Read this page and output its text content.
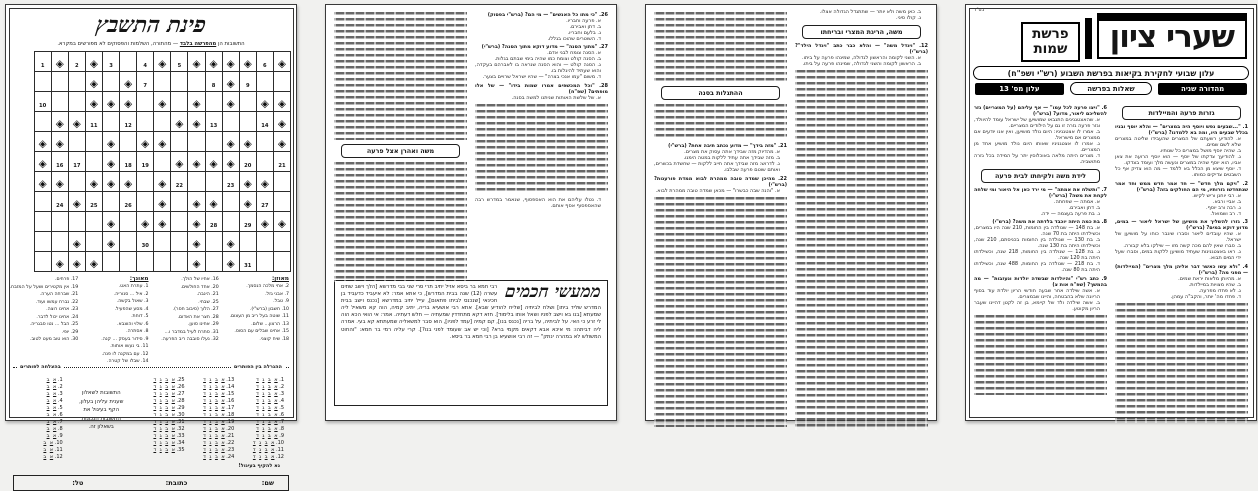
פינת התשבץ
התשובות הן מהפרשה בלבד — מהתורה, השלמות והפסוקים לא מפורשים במקרא.
◈	6	◈	◈	◈	◈	5	◈	4		3	◈	2	◈	1
		9	◈	8				7	◈		◈			
◈	◈		◈		◈		◈		◈	◈	◈			10
◈	14			13	◈	◈			12		11	◈	◈	
◈		◈	◈				◈	◈		◈			◈	◈
21		20	◈	◈	◈	◈		19	18	◈		17	16	◈
	◈	◈	23			22	◈		◈	◈	◈		◈	◈
	27	◈		◈	◈		◈		26		25	◈	24	
◈	◈	29		28	◈		◈	◈		◈				
			◈		◈			30		◈		◈		
		31	◈		◈						◈	◈	◈	
מאוזן:
2. אחי מלכה הנסמך.
7. אבני גזל.
9. טבל.
10. חשבון (ברש"י).
11. שוטה בעל ריב מן העצום.
13. הרצון... שלום.
15. אחינו שבלים עם הסוס.
18. שיח קוצני.
16. אחיו של הולך.
20. אחד החולשים.
21. הינבה.
25. שבחי.
27. הלוך (סיבוב חסר).
28. חצר את האדום.
29. אחינו סוען.
31. סתרת לעיל במדבר ו...
32. נעלו סובבה ריב הפרעה.
מאונך:
1. עתרת האט.
2. איל ... סנוריה.
3. שאול בקשה.
4. מסע שהפעיל.
5. דוחת.
6. שלוי והוצבא.
8. אסתרה.
9. סידור בעסק ... קנה.
11. בי נעשו אותות.
12. עם במקנה לו פנה.
14. שבלו של קטרה.
17. פרחים.
19. אין מקטירים ושעל על המזבח.
21. שברחה הערה.
22. נברח עמשו ועוד.
23. אחינו רוצה.
24. אחינו יכול לדבר.
25. הבל ... נטו סבגריה.
29. יופי.
30. הוא טוב מעט לטוב.
ההגרלה בין הפותרים
בהצלחה לפותרים
1. אבגד
2. אבגד
3. אבגד
4. אבגד
5. אבגד
6. אבגד
7. אבגד
8. אבגד
9. אבגד
10. אבגד
11. אבגד
12. אבגד
13. אבגד
14. אבגד
15. אבגד
16. אבגד
17. אבגד
18. אבגד
19. אבגד
20. אבגד
21. אבגד
22. אבגד
23. אבגד
24. אבגד
25. אבגד
26. אבגד
27. אבגד
28. אבגד
29. אבגד
30. אבגד
31. אבגד
32. אבגד
33. אבגד
34. אבגד
35. אבגד
התשובות לשאלון
שענית עליהן בעלון,
הקף בעיגול את
התשובות הנכונות
בשאלון זה.
1. אב
2. אב
3. אב
4. אב
5. אב
6. אב
7. אב
8. אב
9. אב
10. אב
11. אב
12. אב
נא להקיף בעיגול!
שם:
כתובת:
טל:
26. "כי מתו כל האנשים" — מי הם? (ברש"י בפסוק)
א. פרעה וחבריו.
ב. דתן ואבירם.
ג. בלעם וחבריו.
ד. השוטרים שהוכו בגללו.
27. "מתוך הסנה" — מדוע דוקא מתוך הסנה? (ברש"י)
א. הסנה צומח לבני אדם.
ב. הסנה קולט וצומח כמו שהיה בימי שבתם בגלות.
ג. הסנה קולט — והוא הסנה שנראה בו לאברהם בעקדה, והוא שעתיד להיגלות בו.
ד. משום "עמו אנכי בצרה" — שהיו ישראל שרויים בצער.
28. "וכל המכשפים אמרו שמות בידו" — של אלו מופתים? (שפ"ח)
א. של שלשת האותות שניתנו למשה בסנה.
ד. נטלו עליהם את הוא האספסוף, שנאמר במדרש רבה שהאספסוף אסף אותם.
משה ואהרן אצל פרעה
ממעשי חכמים
רבי חמא בר ביסא אזיל יתיב תרי סרי שני בבי מדרשא [הלך וישב שתים עשרה (12) שנה בבית המדרש], כי אתא אמר: לא איעביד כדעביד בן חכינאי [שנכנס לביתו פתאום], עייל יתיב במדרשא [נכנס וישב בבית המדרש שליד ביתו] ושלח לביתיה [שליח להודיע שבא]. אתא רבי אושעיא בריה, יתיב קמיה, הוה קא משאיל ליה שמעתא [בנו בא וישב לפניו ושאל אותו בלימוד]. חזא דקא מתחדדין שמעתיה — חלש דעתיה. אמר: אי הואי הכא הוה לי זרע כי האי. על לביתיה, על בריה [נכנס בנו], קם קמיה [עמד לפניו], הוא סבר למשאליה שמעתתא קא בעי. אמרה ליה דביתהו: מי איכא אבא דקאים מקמי ברא? [וכי יש אב שעומד לפני בנו?]. קרי עליה רמי בר חמא: "והחוט המשולש לא במהרה ינתק" — זה רבי אושעיא בן רבי חמא בר ביסא.
ב. כאן משה ולא יותר — שתתגדל הגדולה אצלו.
ג. קולו סיני.
משה, הריגת המצרי ובריחתו
12. "ויגדל משה" — והלא כבר כתב "ויגדל הילד"? (ברש"י)
א. השני לקומה והראשון לגדולה, שמינהו פרעה על ביתו.
ב. הראשון לקומה והשני לגדולה, שמינהו פרעה על ביתו.
ההתגלות בסנה
21. "מזה בידך" — מדוע נכתב תיבה אחת? (ברש"י)
א. מהדיוק מזה שבידך אתה עסוק את מצרים.
ב. מזה שבידך אתה עתיד ללקות במטה הימנו.
ג. לדרוש: מזה שבידך אתה חייב ללקות — שחשדת בכשרים, ואותם שוטם פרעה שבלבו.
22. מהיכן שמדה טובה ממהרת לבוא ממדת פורענות? (ברש"י)
א. "והנה שבה כבשרו" — מכאן שמדה טובה ממהרת לבוא.
בס"ד
שערי ציון
פרשת
שמות
עלון שבועי לחקירת בקיאות בפרשת השבוע (רש"י ושפ"ח)
מהדורה שניה
שאלות בפרשה
עלון מס' 13
גזרות פרעה והמיילדות
1. "...שבעים נפש ויוסף היה במצרים" — והלא יוסף ובניו בכלל שבעים היו, ומה בא ללמדנו? (ברש"י)
א. להודיע רשעתם של המצרים שהעבידו שליטה במצרים שלא לשם שמים.
ב. שהיה יוסף מושל במצרים כל שנותיו.
ג. להודיעך צדקתו של יוסף — הוא יוסף הרועה את צאן אביו, הוא יוסף שהיה במצרים ונעשה מלך ועומד בצדקו.
ד. יוסף שיצא מן הכלל בא ללמד — מה הוא צדיק אף כל השבטים צדיקים כמותו.
2. "ויקם מלך חדש" — חד אמר חדש ממש וחד אמר שנתחדשו גזרותיו, מי הם החולקים בזה? (ברש"י)
א. רבי יוחנן וריש לקיש.
ב. אביי ורבא.
ג. רבה ורב יוסף.
ד. רב ושמואל.
3. גזרו להשליך את מושיען של ישראל ליאור — במים, מדוע דוקא במים? (ברש"י)
א. שהיו עובדים ליאור וסברו שיגבר כוחו על מושיען של ישראל.
ב. סברו שאין להם מכה קשה מזו — שילקו בלא קבורה.
ג. ראו באצטגנינות שעתיד מושיען ללקות במים, וסברו שעל ידי המים תבוא.
4. "ולא עשו כאשר דבר אליהן מלך מצרים" (המיילדות) — מפני מה? (ברש"י)
א. מהיותן מלאות יראת שמים.
ב. שהיו מצויות במיילדות.
ג. לא פחדו מפרעה.
ד. פחדו מה' יותר, והקב"ה עמהן.
6. "ויצו פרעה לכל עמו" — אף עליהם (על המצריים) גזר להשליכם ליאור, מדוע? (ברש"י)
א. שהאצטגנינים התנבאו שמושיען של ישראל עומד להיוולד, וגזר פרעה גזרה זו גם על הילודים המצריים.
ב. אמרו לו אצטגניניו: היום נולד מושיען, ואין אנו יודעים אם ממצרים אם מישראל.
ג. אמרו לו אצטגניניו שאותו היום נולד מושיע אחד מן המצריים.
ד. מצרים היתה מלאה באוכלוסין יתר על המידה בכל גזרה מתושביה.
לידת משה ולקיחתו לבית פרעה
7. "ותשלח את אמתה" — מי ירד כאן אל היאור ומי שלחה לקחת את משה? (ברש"י)
א. אמתה — שפחתה.
ב. דתן ואבירם.
ג. בת פרעה בעצמה — ידה.
8. בת כמה היתה יוכבד בלדתה את משה? (ברש"י)
א. בת 148 — שנולדה בין החומות, 210 שנה היו במצרים, וכשילדתו היתה בת 70 שנה.
ב. בת 130 — שנולדה בין החומות בכניסתם, 210 שנה, וכשילדתו היתה בת 130 שנה.
ג. בת 128 — שנולדה בין החומות, 218 שנה, וכשילדתו היתה בת 120 שנה.
ד. בת 218 — שנולדה בין החומות, 488 שנה, וכשילדתו היתה בת 80 שנה.
9. כתב רש"י "והיולדות שבשדה יולדות ונעזבות" — מה בהמשך? (שפ"ח אות צ)
א. אשה שילדה אחר שבעה חודשי הריון יולדת עוד בסוף הריונה שלא בהבטחה, והיינו שבמצרים.
ב. אשה שילדה ולד של קיימא, בן זה לקטן דהיינו שעבר הריון מקוטע.
